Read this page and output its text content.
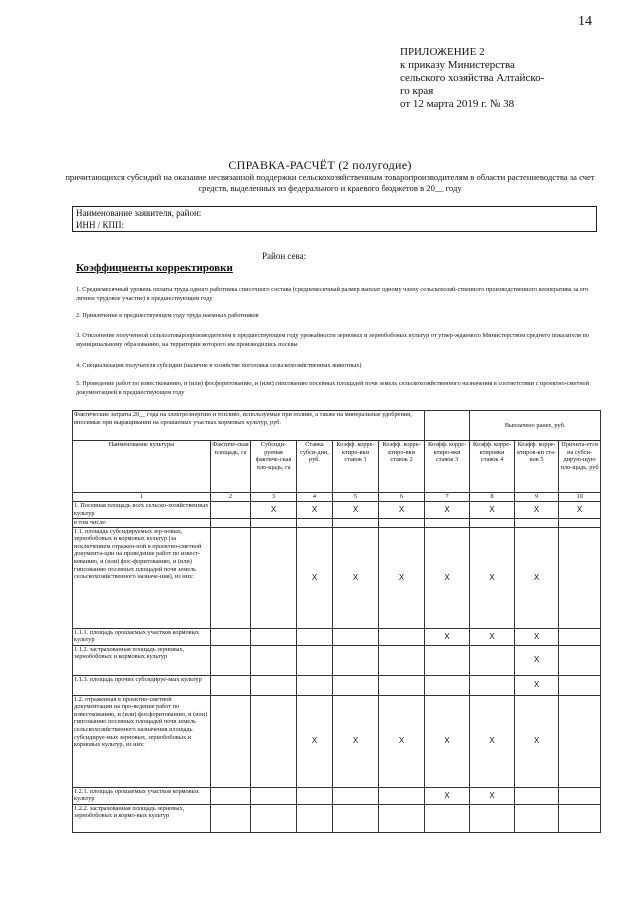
14
ПРИЛОЖЕНИЕ 2
к приказу Министерства
сельского хозяйства Алтайско-
го края
от 12 марта 2019 г. № 38
СПРАВКА-РАСЧЁТ (2 полугодие)
причитающихся субсидий на оказание несвязанной поддержки сельскохозяйственным товаропроизводителям в области растениеводства за счет средств, выделенных из федерального и краевого бюджетов в 20__ году
Наименование заявителя, район:
ИНН / КПП:
Район сева:
Коэффициенты корректировки
1. Среднемесячный уровень оплаты труда одного работника списочного состава (среднемесячный размер выплат одному члену сельскохозяй-ственного производственного кооператива за его личное трудовое участие) в предшествующем году
2. Привлечение в предшествующем году труда наемных работников
3. Отклонение полученной сельхозтоваропроизводителем в предшествующем году урожайности зерновых и зернобобовых культур от утвер-ждаемого Министерством среднего показателя по муниципальному образованию, на территории которого им производились посевы
4. Специализация получателя субсидии (наличие в хозяйстве поголовья сельскохозяйственных животных)
5. Проведение работ по известкованию, и (или) фосфоритованию, и (или) гипсованию посевных площадей почв земель сельскохозяйственного назначения в соответствии с проектно-сметной документацией в предшествующем году
Фактические затраты 20__ года на электроэнергию и топливо, используемые при поливе, а также на минеральные удобрения, вносимые при выращивании на орошаемых участках кормовых культур, руб.							Выплачено ранее, руб.		
Наименование культуры	Фактиче-ская площадь, га	Субсиди-руемая фактиче-ская пло-щадь, га	Ставка субси-дии, руб.	Коэфф. корре-ктиро-вки ставок 1	Коэфф. корре-ктиро-вки ставок 2	Коэфф. корре-ктиро-вки ставок 3	Коэфф. корре-ктировки ставок 4	Коэфф. корре-ктиров-ки ста-вок 5	Причита-ется на субси-дирую-щую пло-щадь, руб
1	2	3	4	5	6	7	8	9	10
1. Посевная площадь всех сельско-хозяйственных культур		X	X	X	X	X	X	X	X
в том числе:									
1.1. площадь субсидируемых зер-новых, зернобобовых и кормовых культур (за исключением отражен-ной в проектно-сметной документа-ции на проведение работ по извест-кованию, и (или) фос-форитованию, и (или) гипсованию посевных площадей почв земель сельскохозяйственного назначе-ния), из них:			X	X	X	X	X	X	
1.1.1. площадь орошаемых участков кормовых культур						X	X	X	
1.1.2. застрахованная площадь зерновых, зернобобовых и кормовых культур								X	
1.1.3. площадь прочих субсидируе-мых культур								X	
1.2. отраженная в проектно-сметной документации на про-ведение работ по известкованию, и (или) фосфоритованию, и (или) гипсованию посевных площадей почв земель сельскохозяйственного назначения площадь субсидируе-мых зерновых, зернобобовых и кормовых культур, из них:			X	X	X	X	X	X	
1.2.1. площадь орошаемых участков кормовых культур						X	X		
1.2.2. застрахованная площадь зерновых, зернобобовых и кормо-вых культур									
